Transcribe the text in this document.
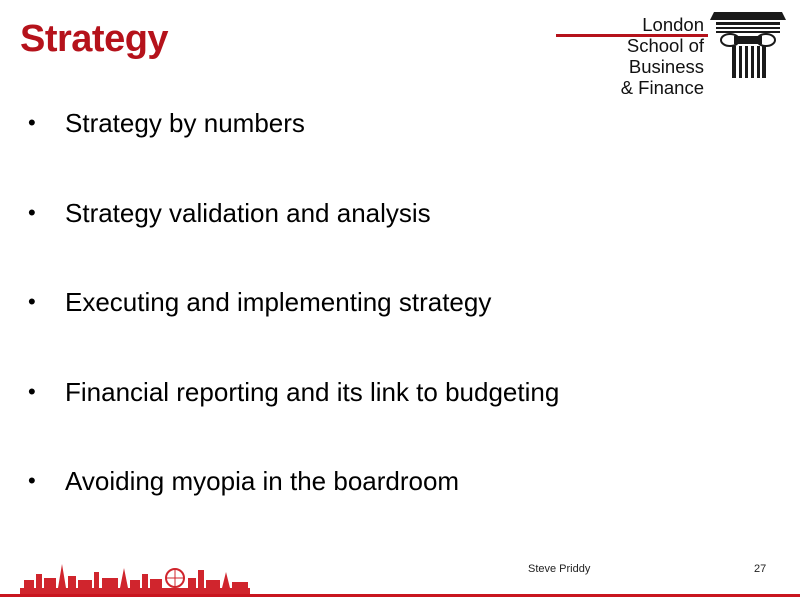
Strategy	London
School of Business
& Finance
•	Strategy by numbers
•	Strategy validation and analysis
•	Executing and implementing strategy
•	Financial reporting and its link to budgeting
•	Avoiding myopia in the boardroom
Steve Priddy	27
